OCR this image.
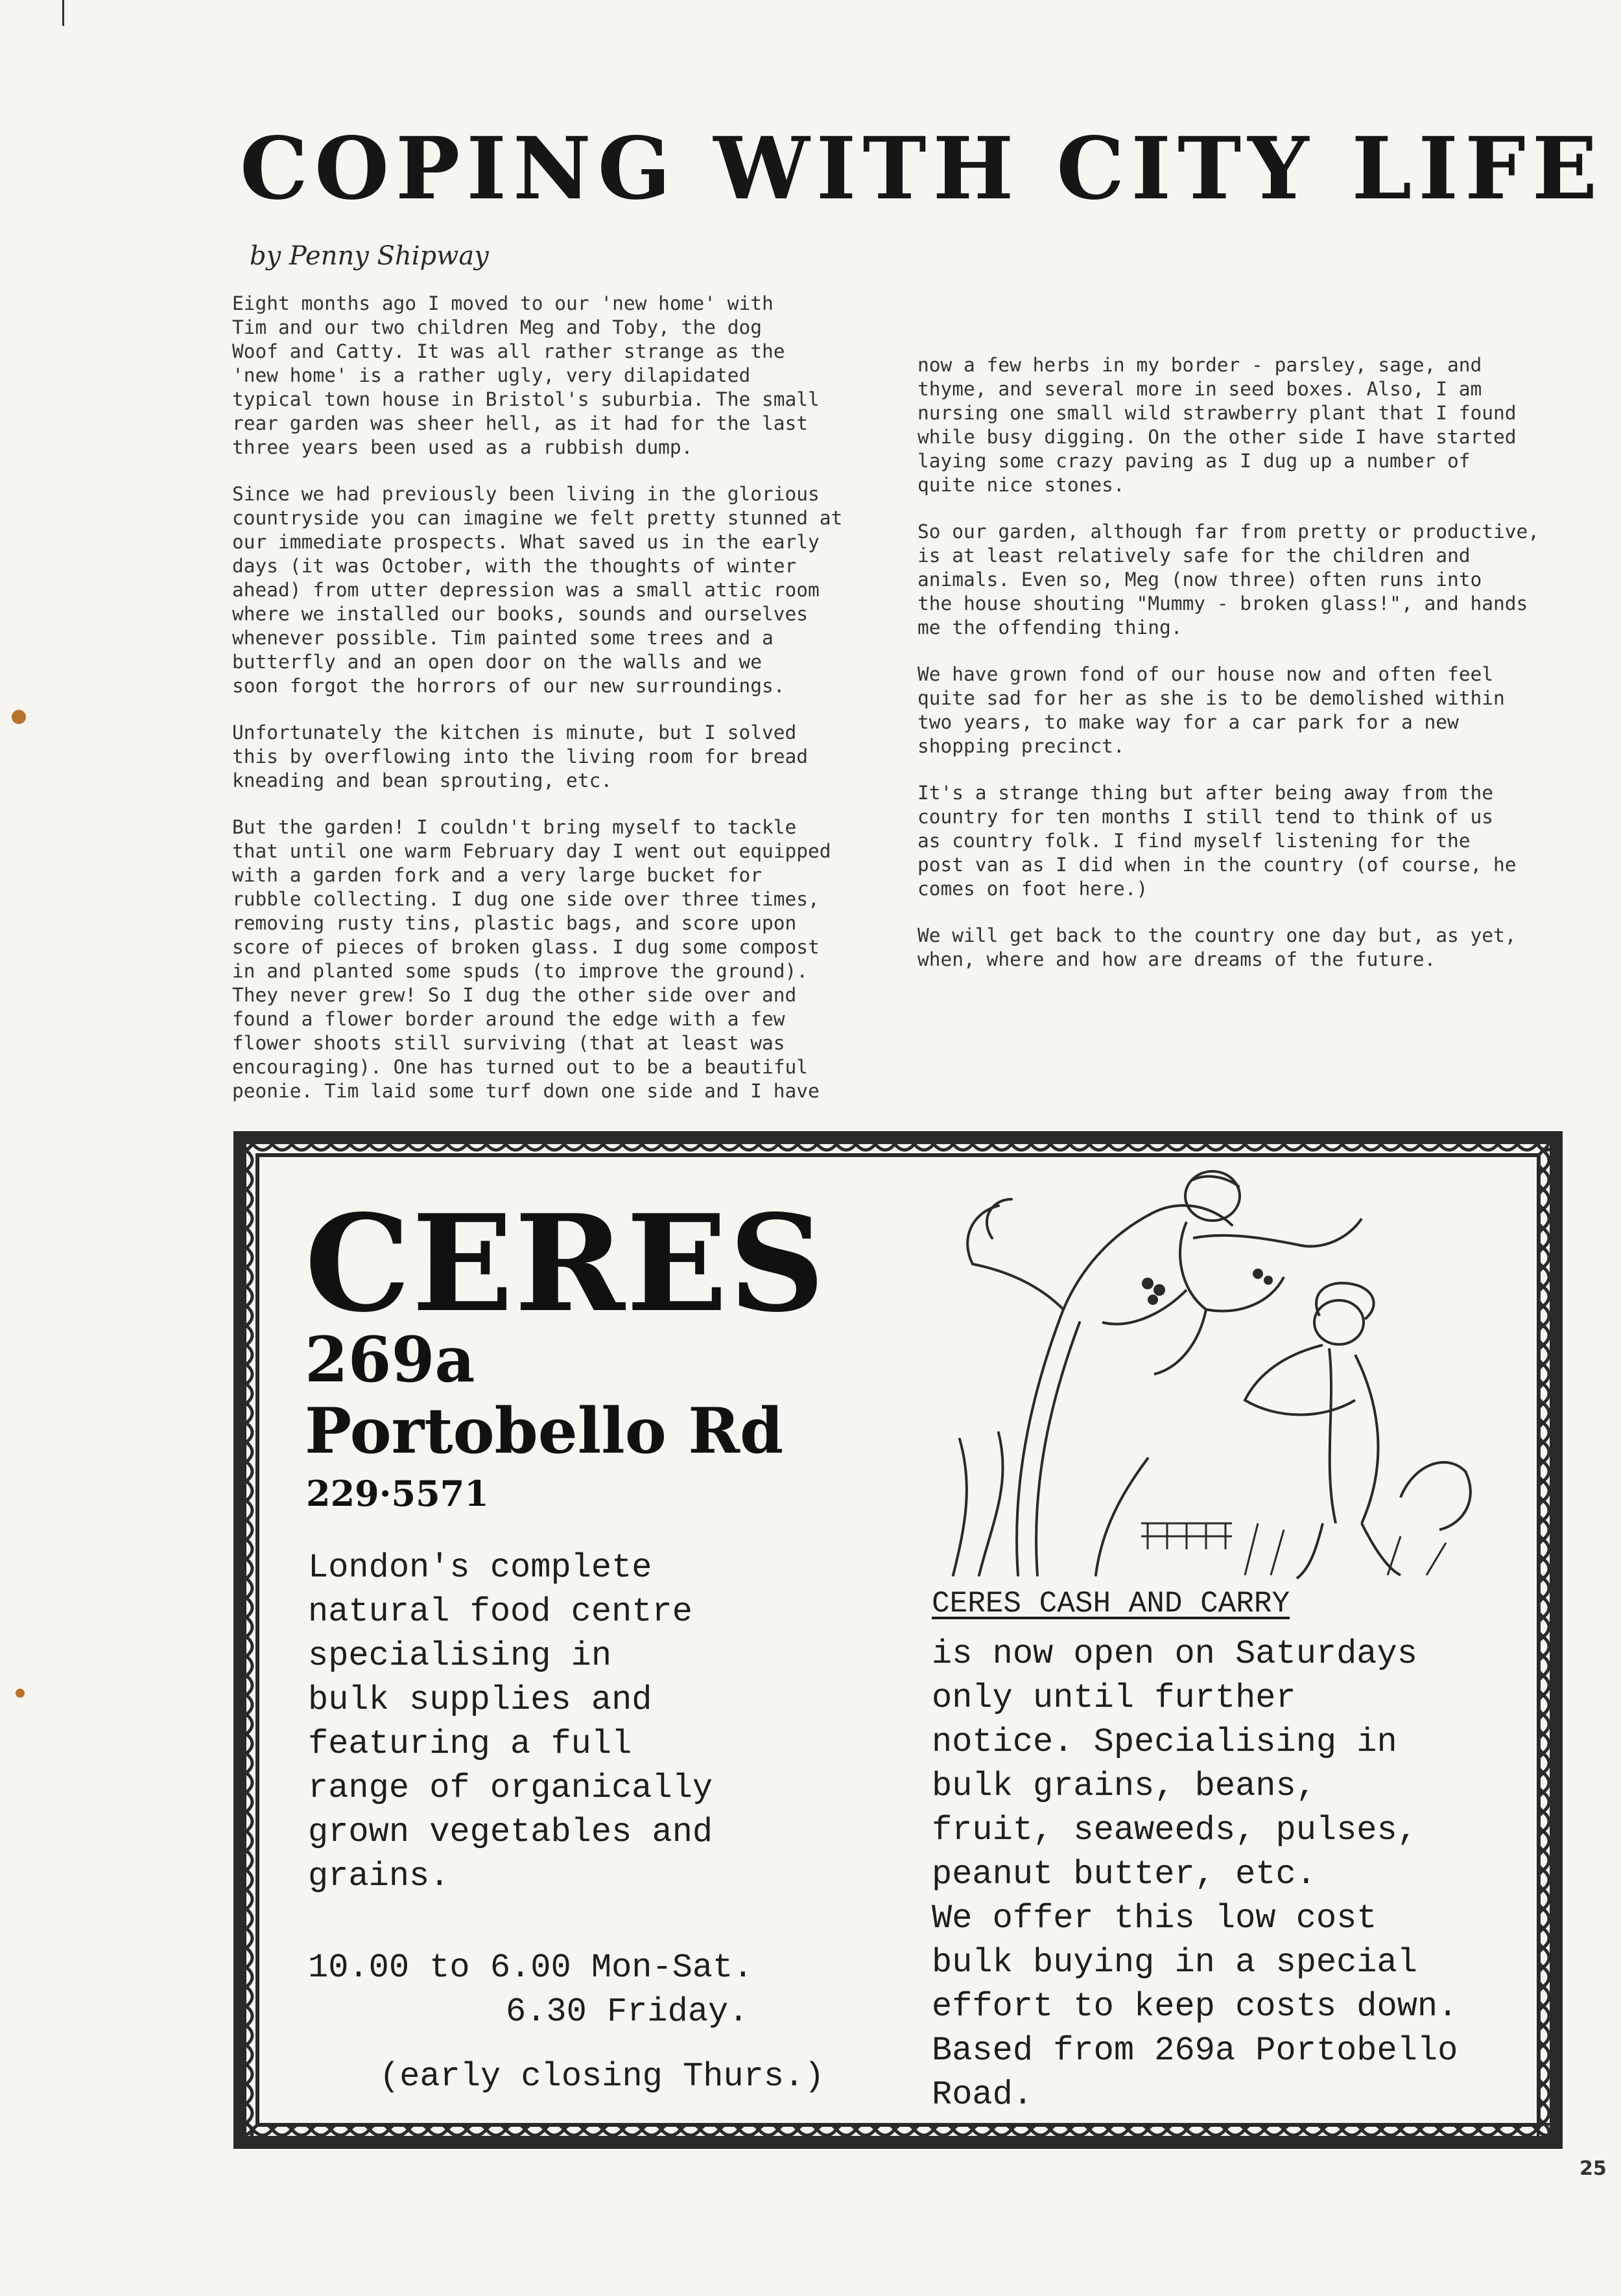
COPING WITH CITY LIFE

by Penny Shipway

Eight months ago I moved to our 'new home' with
Tim and our two children Meg and Toby, the dog
Woof and Catty. It was all rather strange as the
'new home' is a rather ugly, very dilapidated
typical town house in Bristol's suburbia. The small
rear garden was sheer hell, as it had for the last
three years been used as a rubbish dump.

Since we had previously been living in the glorious
countryside you can imagine we felt pretty stunned at
our immediate prospects. What saved us in the early
days (it was October, with the thoughts of winter
ahead) from utter depression was a small attic room
where we installed our books, sounds and ourselves
whenever possible. Tim painted some trees and a
butterfly and an open door on the walls and we
soon forgot the horrors of our new surroundings.

Unfortunately the kitchen is minute, but I solved
this by overflowing into the living room for bread
kneading and bean sprouting, etc.

But the garden! I couldn't bring myself to tackle
that until one warm February day I went out equipped
with a garden fork and a very large bucket for
rubble collecting. I dug one side over three times,
removing rusty tins, plastic bags, and score upon
score of pieces of broken glass. I dug some compost
in and planted some spuds (to improve the ground).
They never grew! So I dug the other side over and
found a flower border around the edge with a few
flower shoots still surviving (that at least was
encouraging). One has turned out to be a beautiful
peonie. Tim laid some turf down one side and I have

now a few herbs in my border - parsley, sage, and
thyme, and several more in seed boxes. Also, I am
nursing one small wild strawberry plant that I found
while busy digging. On the other side I have started
laying some crazy paving as I dug up a number of
quite nice stones.

So our garden, although far from pretty or productive,
is at least relatively safe for the children and
animals. Even so, Meg (now three) often runs into
the house shouting "Mummy - broken glass!", and hands
me the offending thing.

We have grown fond of our house now and often feel
quite sad for her as she is to be demolished within
two years, to make way for a car park for a new
shopping precinct.

It's a strange thing but after being away from the
country for ten months I still tend to think of us
as country folk. I find myself listening for the
post van as I did when in the country (of course, he
comes on foot here.)

We will get back to the country one day but, as yet,
when, where and how are dreams of the future.

CERES

269a

Portobello Rd

229·5571

London's complete
natural food centre
specialising in
bulk supplies and
featuring a full
range of organically
grown vegetables and
grains.

10.00 to 6.00 Mon-Sat.

6.30 Friday.

(early closing Thurs.)

CERES CASH AND CARRY

is now open on Saturdays
only until further
notice. Specialising in
bulk grains, beans,
fruit, seaweeds, pulses,
peanut butter, etc.
We offer this low cost
bulk buying in a special
effort to keep costs down.
Based from 269a Portobello
Road.

25
